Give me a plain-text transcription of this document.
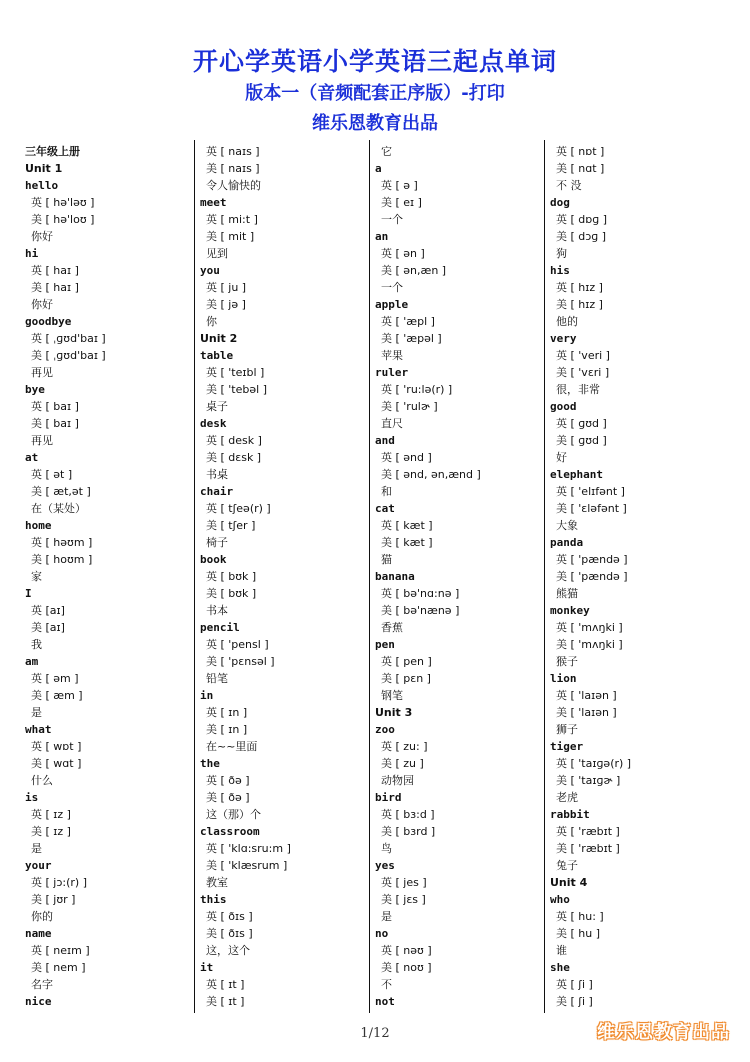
开心学英语小学英语三起点单词
版本一（音频配套正序版）-打印
维乐恩教育出品
三年级上册
Unit 1
hello
英 [ hə'ləʊ ]
美 [ hə'loʊ ]
你好
hi
英 [ haɪ ]
美 [ haɪ ]
你好
goodbye
英 [ ˌɡʊd'baɪ ]
美 [ ˌɡʊd'baɪ ]
再见
bye
英 [ baɪ ]
美 [ baɪ ]
再见
at
英 [ ət ]
美 [ æt,ət ]
在（某处）
home
英 [ həʊm ]
美 [ hoʊm ]
家
I
英 [aɪ]
美 [aɪ]
我
am
英 [ əm ]
美 [ æm ]
是
what
英 [ wɒt ]
美 [ wɑt ]
什么
is
英 [ ɪz ]
美 [ ɪz ]
是
your
英 [ jɔ:(r) ]
美 [ jʊr ]
你的
name
英 [ neɪm ]
美 [ nem ]
名字
nice
英 [ naɪs ]
美 [ naɪs ]
令人愉快的
meet
英 [ mi:t ]
美 [ mit ]
见到
you
英 [ ju ]
美 [ jə ]
你
Unit 2
table
英 [ 'teɪbl ]
美 [ 'tebəl ]
桌子
desk
英 [ desk ]
美 [ dɛsk ]
书桌
chair
英 [ tʃeə(r) ]
美 [ tʃer ]
椅子
book
英 [ bʊk ]
美 [ bʊk ]
书本
pencil
英 [ 'pensl ]
美 [ 'pɛnsəl ]
铅笔
in
英 [ ɪn ]
美 [ ɪn ]
在~~里面
the
英 [ ðə ]
美 [ ðə ]
这（那）个
classroom
英 [ 'klɑ:sru:m ]
美 [ 'klæsrum ]
教室
this
英 [ ðɪs ]
美 [ ðɪs ]
这，这个
it
英 [ ɪt ]
美 [ ɪt ]
它
a
英 [ ə ]
美 [ eɪ ]
一个
an
英 [ ən ]
美 [ ən,æn ]
一个
apple
英 [ 'æpl ]
美 [ 'æpəl ]
苹果
ruler
英 [ 'ru:lə(r) ]
美 [ 'rulɚ ]
直尺
and
英 [ ənd ]
美 [ ənd, ən,ænd ]
和
cat
英 [ kæt ]
美 [ kæt ]
猫
banana
英 [ bə'nɑ:nə ]
美 [ bə'nænə ]
香蕉
pen
英 [ pen ]
美 [ pɛn ]
钢笔
Unit 3
zoo
英 [ zu: ]
美 [ zu ]
动物园
bird
英 [ bɜ:d ]
美 [ bɜrd ]
鸟
yes
英 [ jes ]
美 [ jɛs ]
是
no
英 [ nəʊ ]
美 [ noʊ ]
不
not
英 [ nɒt ]
美 [ nɑt ]
不 没
dog
英 [ dɒɡ ]
美 [ dɔɡ ]
狗
his
英 [ hɪz ]
美 [ hɪz ]
他的
very
英 [ 'veri ]
美 [ 'vɛri ]
很，非常
good
英 [ ɡʊd ]
美 [ ɡʊd ]
好
elephant
英 [ 'elɪfənt ]
美 [ 'ɛləfənt ]
大象
panda
英 [ 'pændə ]
美 [ 'pændə ]
熊猫
monkey
英 [ 'mʌŋki ]
美 [ 'mʌŋki ]
猴子
lion
英 [ 'laɪən ]
美 [ 'laɪən ]
狮子
tiger
英 [ 'taɪɡə(r) ]
美 [ 'taɪɡɚ ]
老虎
rabbit
英 [ 'ræbɪt ]
美 [ 'ræbɪt ]
兔子
Unit 4
who
英 [ hu: ]
美 [ hu ]
谁
she
英 [ ʃi ]
美 [ ʃi ]
1/12	维乐恩教育出品
